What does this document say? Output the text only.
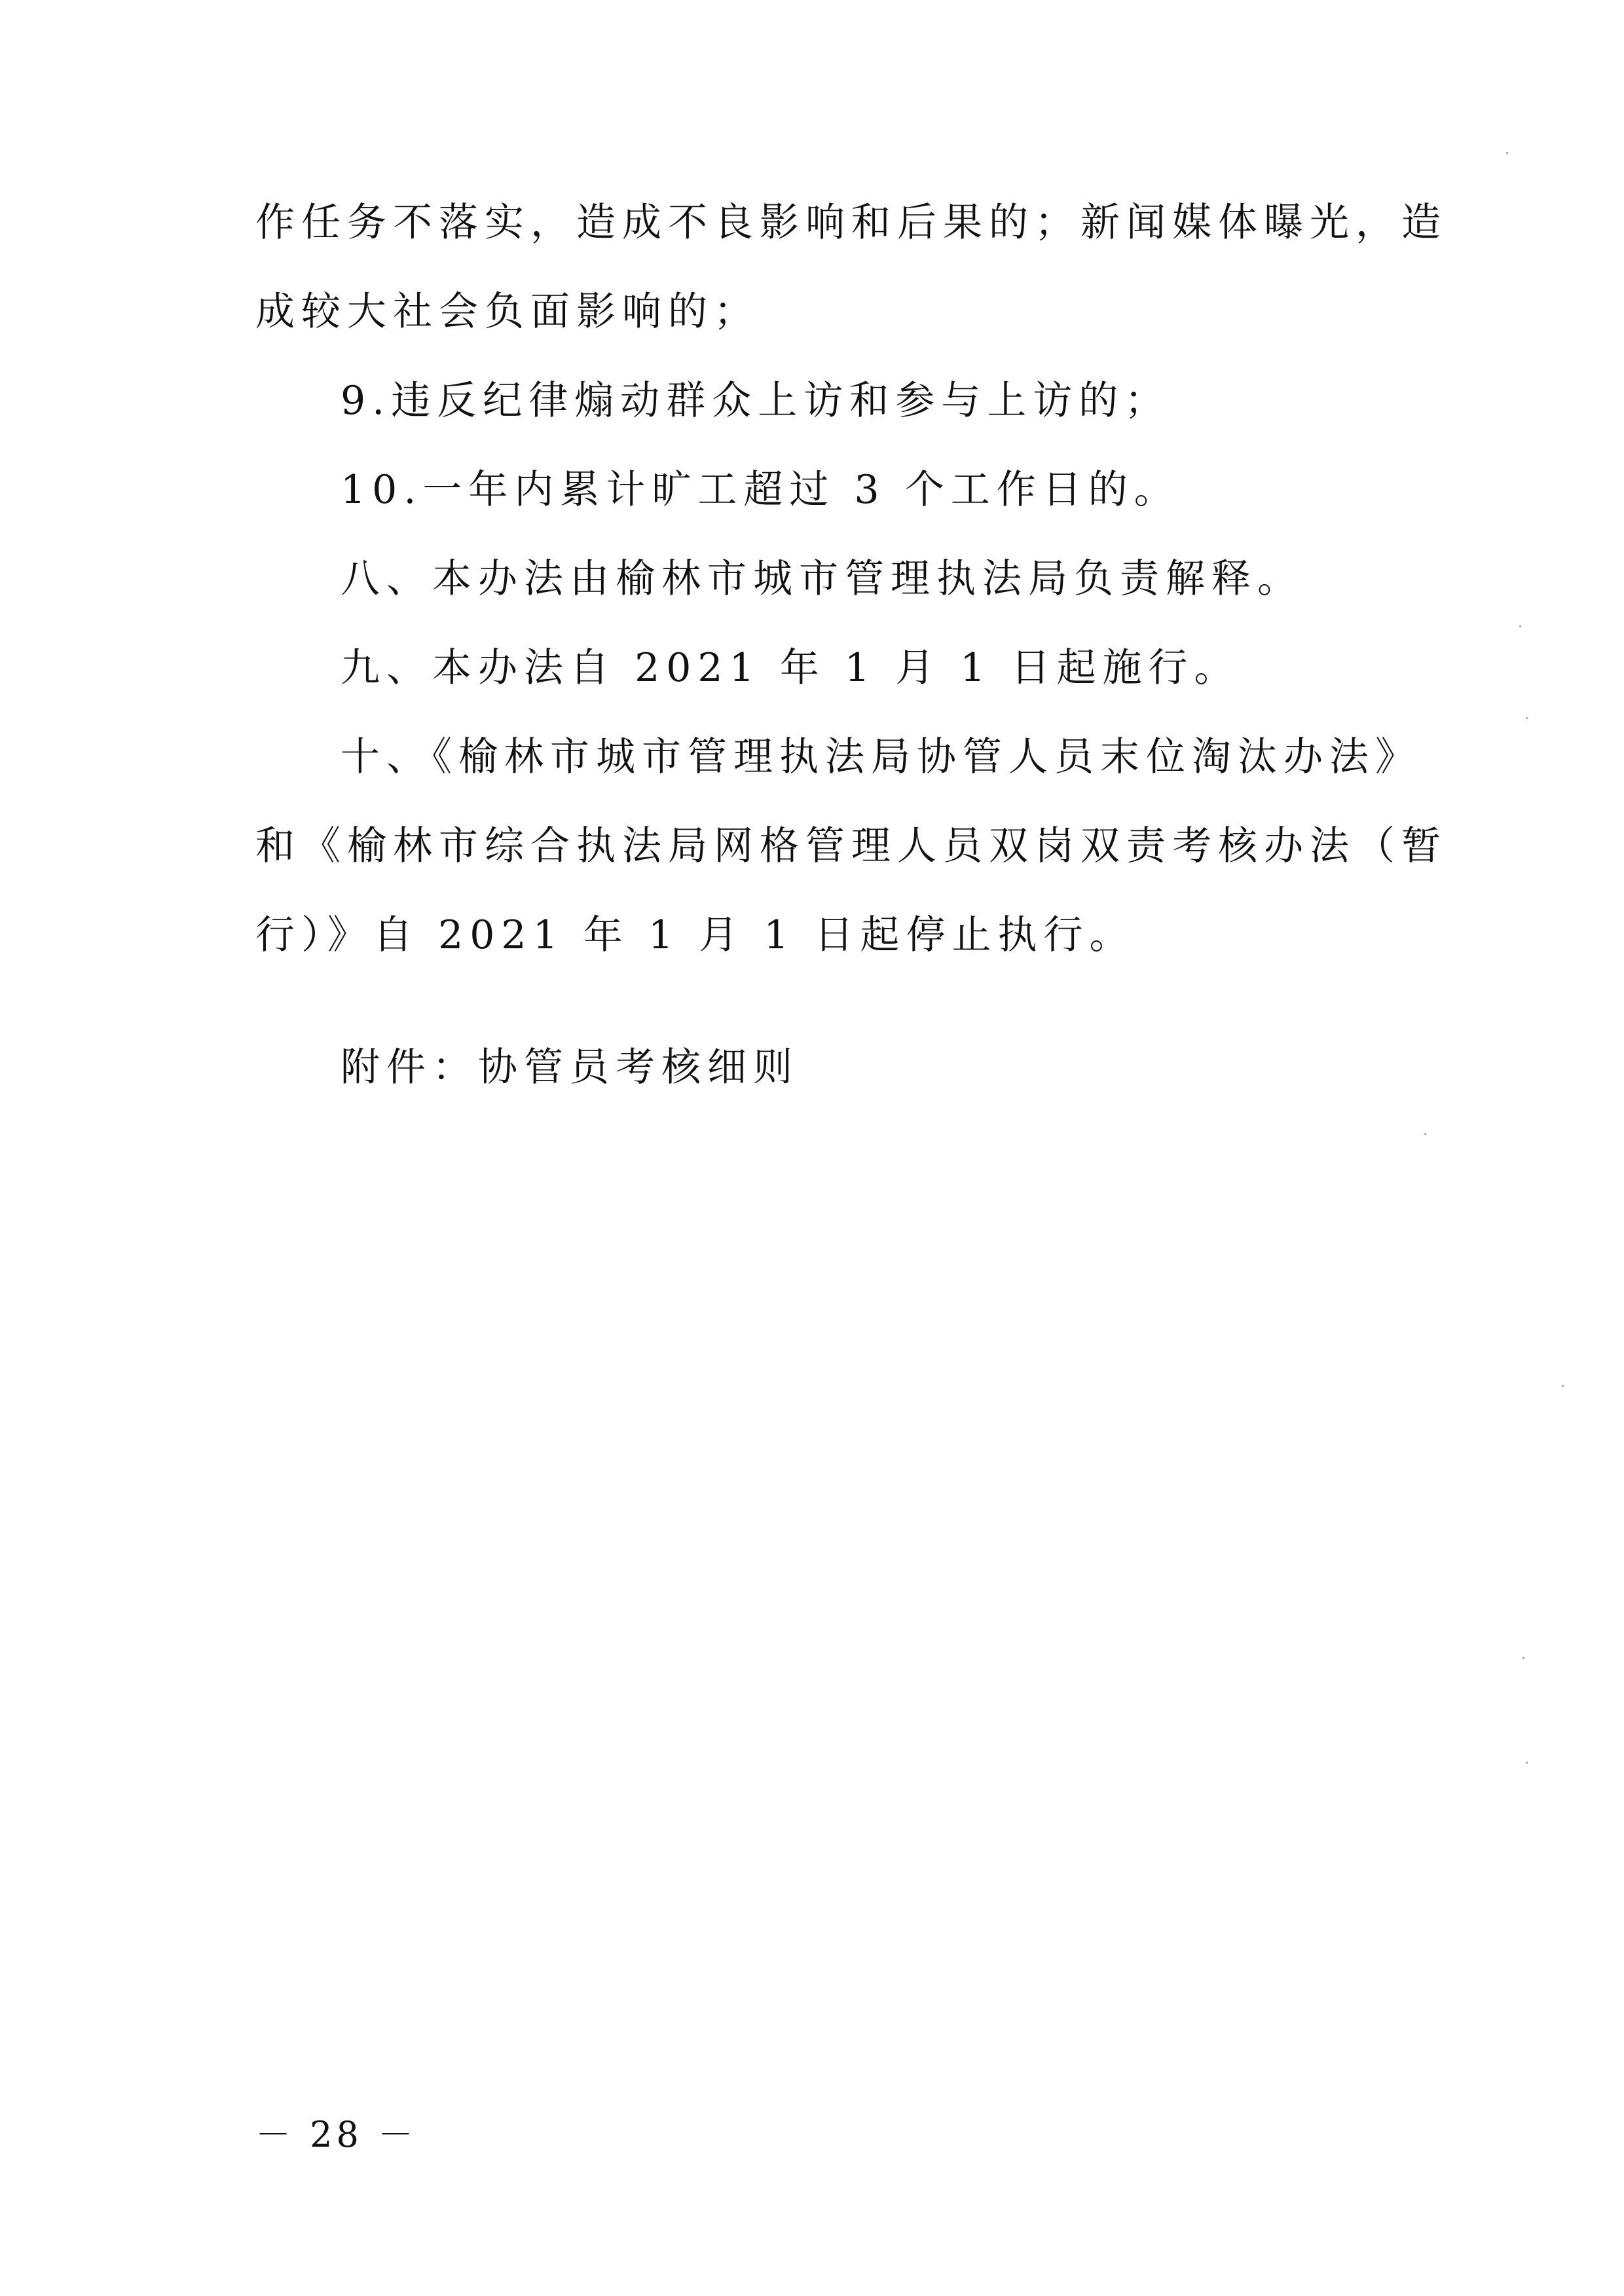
作任务不落实，造成不良影响和后果的；新闻媒体曝光，造
成较大社会负面影响的；
9.违反纪律煽动群众上访和参与上访的；
10.一年内累计旷工超过 3 个工作日的。
八、本办法由榆林市城市管理执法局负责解释。
九、本办法自 2021 年 1 月 1 日起施行。
十、《榆林市城市管理执法局协管人员末位淘汰办法》
和《榆林市综合执法局网格管理人员双岗双责考核办法（暂
行）》自 2021 年 1 月 1 日起停止执行。
附件：协管员考核细则
－ 28 －
